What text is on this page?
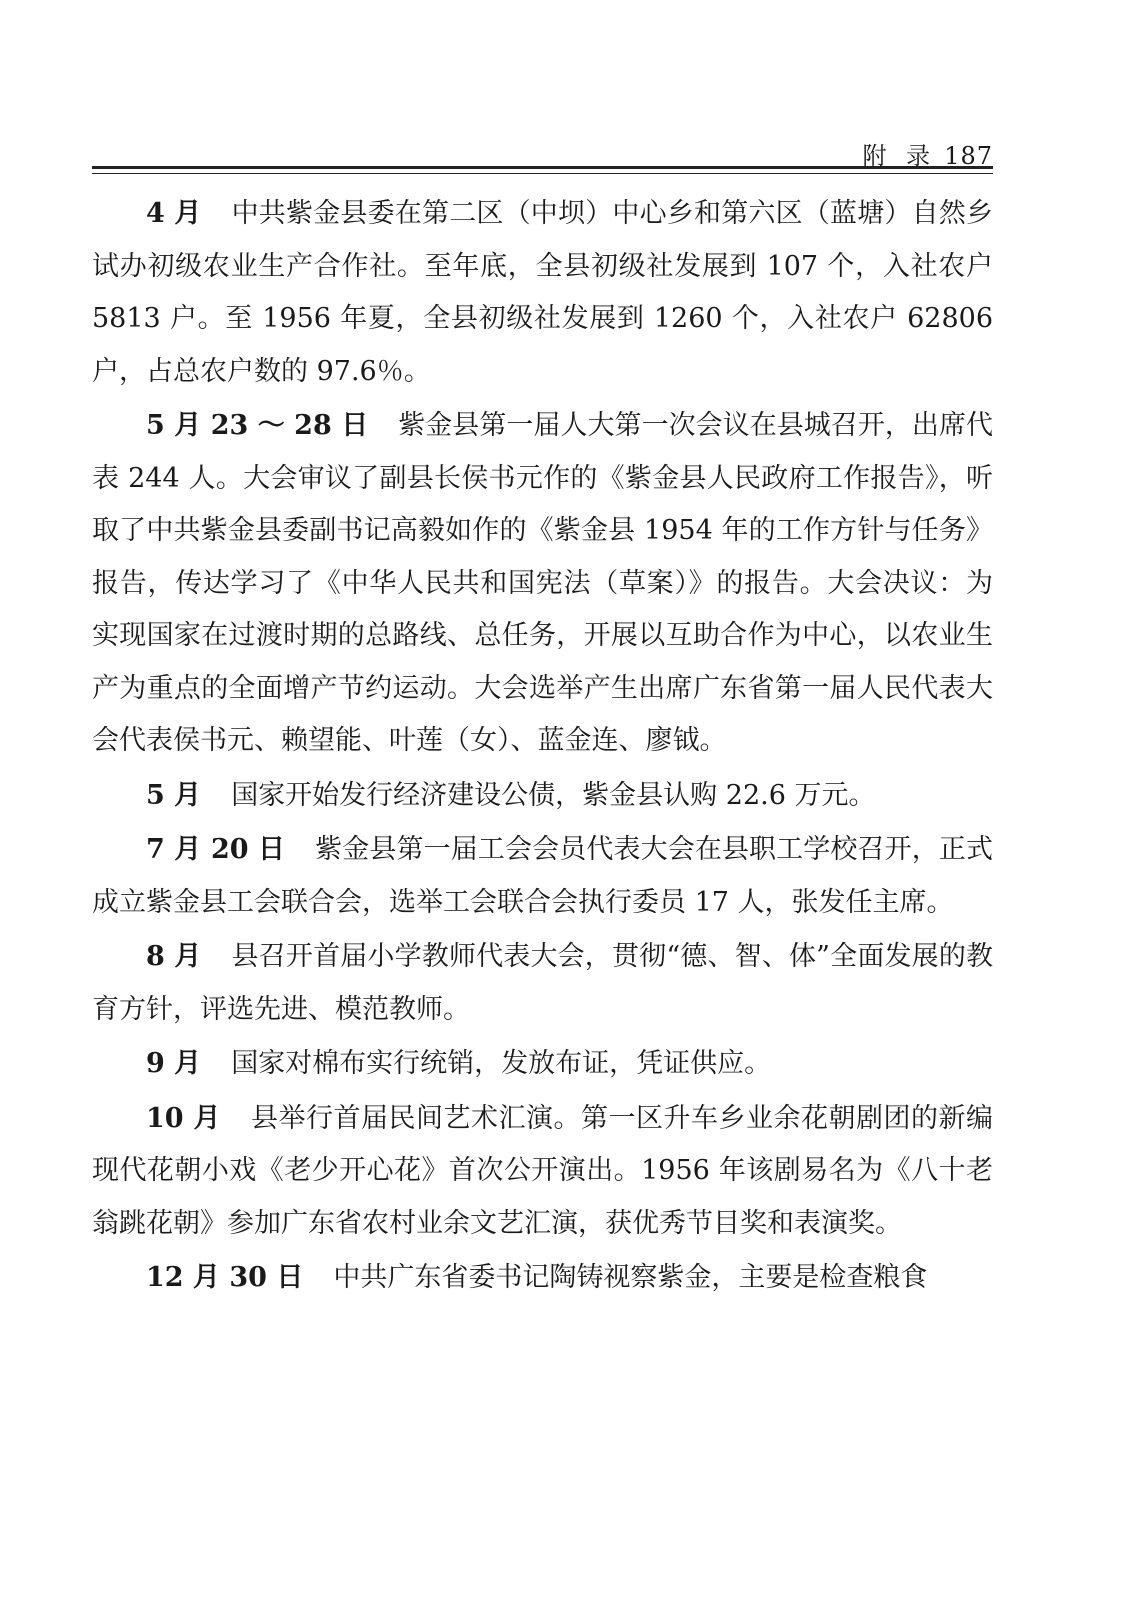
附 录 187

4 月 中共紫金县委在第二区（中坝）中心乡和第六区（蓝塘）自然乡试办初级农业生产合作社。至年底，全县初级社发展到 107 个，入社农户 5813 户。至 1956 年夏，全县初级社发展到 1260 个，入社农户 62806 户，占总农户数的 97.6％。

5 月 23 ～ 28 日 紫金县第一届人大第一次会议在县城召开，出席代表 244 人。大会审议了副县长侯书元作的《紫金县人民政府工作报告》，听取了中共紫金县委副书记高毅如作的《紫金县 1954 年的工作方针与任务》报告，传达学习了《中华人民共和国宪法（草案）》的报告。大会决议：为实现国家在过渡时期的总路线、总任务，开展以互助合作为中心，以农业生产为重点的全面增产节约运动。大会选举产生出席广东省第一届人民代表大会代表侯书元、赖望能、叶莲（女）、蓝金连、廖钺。

5 月 国家开始发行经济建设公债，紫金县认购 22.6 万元。

7 月 20 日 紫金县第一届工会会员代表大会在县职工学校召开，正式成立紫金县工会联合会，选举工会联合会执行委员 17 人，张发任主席。

8 月 县召开首届小学教师代表大会，贯彻“德、智、体”全面发展的教育方针，评选先进、模范教师。

9 月 国家对棉布实行统销，发放布证，凭证供应。

10 月 县举行首届民间艺术汇演。第一区升车乡业余花朝剧团的新编现代花朝小戏《老少开心花》首次公开演出。1956 年该剧易名为《八十老翁跳花朝》参加广东省农村业余文艺汇演，获优秀节目奖和表演奖。

12 月 30 日 中共广东省委书记陶铸视察紫金，主要是检查粮食
